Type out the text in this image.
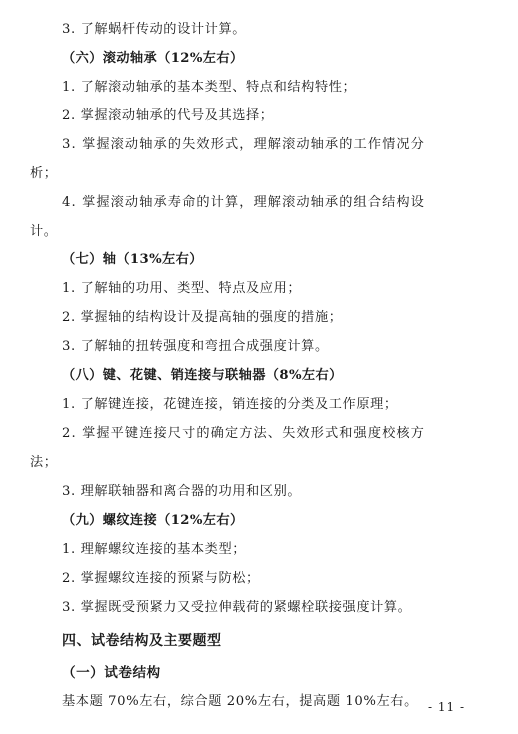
3. 了解蜗杆传动的设计计算。
（六）滚动轴承（12%左右）
1. 了解滚动轴承的基本类型、特点和结构特性；
2. 掌握滚动轴承的代号及其选择；
3. 掌握滚动轴承的失效形式，理解滚动轴承的工作情况分
析；
4. 掌握滚动轴承寿命的计算，理解滚动轴承的组合结构设
计。
（七）轴（13%左右）
1. 了解轴的功用、类型、特点及应用；
2. 掌握轴的结构设计及提高轴的强度的措施；
3. 了解轴的扭转强度和弯扭合成强度计算。
（八）键、花键、销连接与联轴器（8%左右）
1. 了解键连接，花键连接，销连接的分类及工作原理；
2. 掌握平键连接尺寸的确定方法、失效形式和强度校核方
法；
3. 理解联轴器和离合器的功用和区别。
（九）螺纹连接（12%左右）
1. 理解螺纹连接的基本类型；
2. 掌握螺纹连接的预紧与防松；
3. 掌握既受预紧力又受拉伸载荷的紧螺栓联接强度计算。
四、试卷结构及主要题型
（一）试卷结构
基本题 70%左右，综合题 20%左右，提高题 10%左右。 - 11 -
